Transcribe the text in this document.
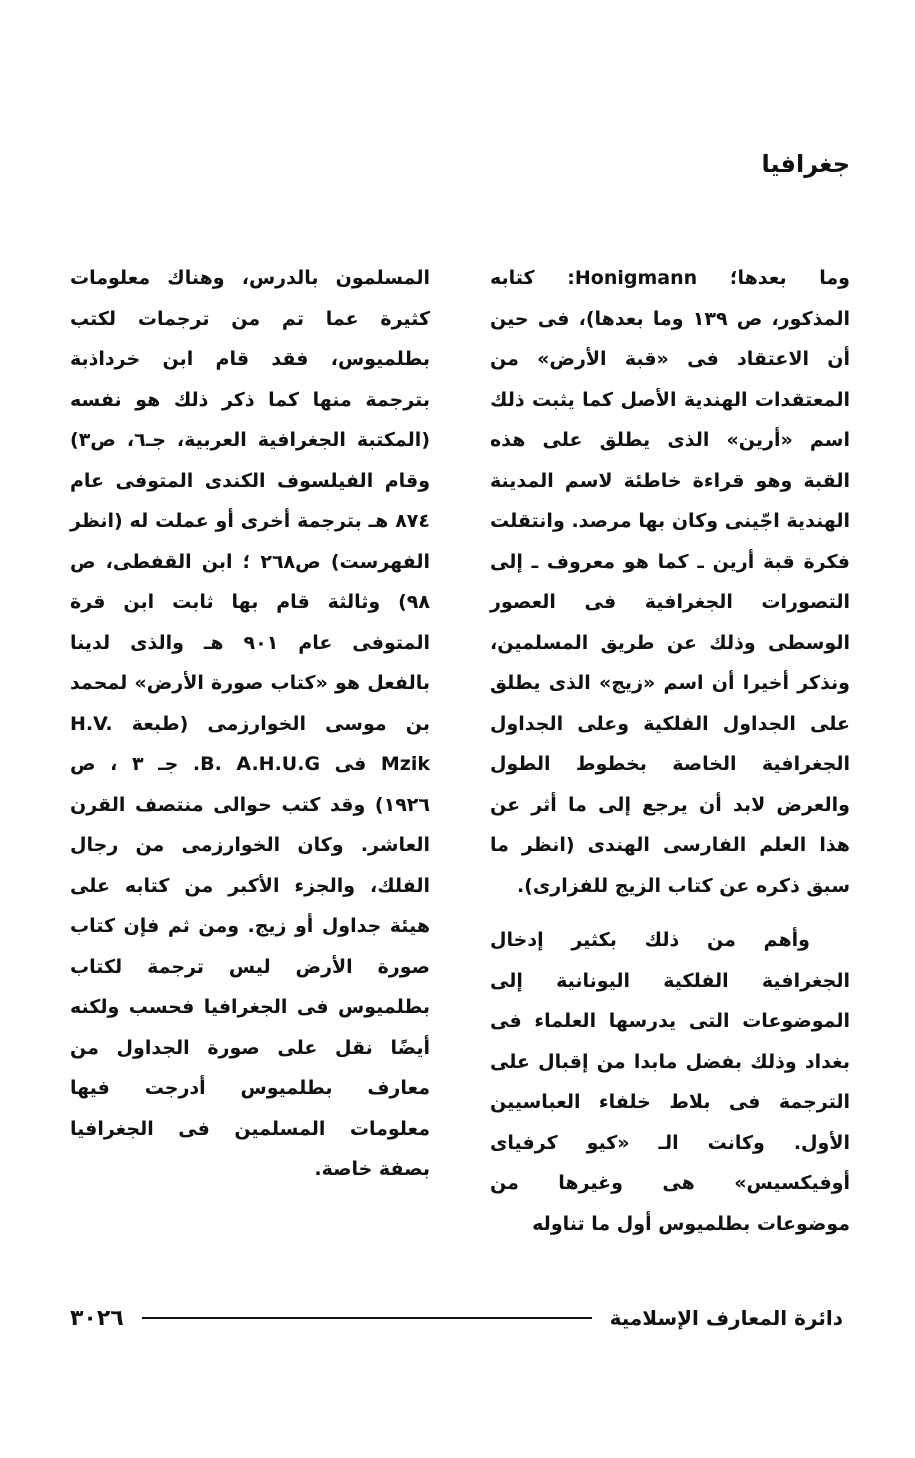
جغرافيا

وما بعدها؛ Honigmann: كتابه المذكور، ص ١٣٩ وما بعدها)، فى حين أن الاعتقاد فى «قبة الأرض» من المعتقدات الهندية الأصل كما يثبت ذلك اسم «أرين» الذى يطلق على هذه القبة وهو قراءة خاطئة لاسم المدينة الهندية اجّينى وكان بها مرصد. وانتقلت فكرة قبة أرين ـ كما هو معروف ـ إلى التصورات الجغرافية فى العصور الوسطى وذلك عن طريق المسلمين، ونذكر أخيرا أن اسم «زيج» الذى يطلق على الجداول الفلكية وعلى الجداول الجغرافية الخاصة بخطوط الطول والعرض لابد أن يرجع إلى ما أثر عن هذا العلم الفارسى الهندى (انظر ما سبق ذكره عن كتاب الزيج للفزارى).

وأهم من ذلك بكثير إدخال الجغرافية الفلكية اليونانية إلى الموضوعات التى يدرسها العلماء فى بغداد وذلك بفضل مابدا من إقبال على الترجمة فى بلاط خلفاء العباسيين الأول. وكانت الـ «كيو كرفياى أوفيكسيس» هى وغيرها من موضوعات بطلميوس أول ما تناوله

المسلمون بالدرس، وهناك معلومات كثيرة عما تم من ترجمات لكتب بطلميوس، فقد قام ابن خرداذبة بترجمة منها كما ذكر ذلك هو نفسه (المكتبة الجغرافية العربية، جـ٦، ص٣) وقام الفيلسوف الكندى المتوفى عام ٨٧٤ هـ بترجمة أخرى أو عملت له (انظر الفهرست) ص٢٦٨ ؛ ابن القفطى، ص ٩٨) وثالثة قام بها ثابت ابن قرة المتوفى عام ٩٠١ هـ والذى لدينا بالفعل هو «كتاب صورة الأرض» لمحمد بن موسى الخوارزمى (طبعة H.V. Mzik فى B. A.H.U.G. جـ ٣ ، ص ١٩٢٦) وقد كتب حوالى منتصف القرن العاشر. وكان الخوارزمى من رجال الفلك، والجزء الأكبر من كتابه على هيئة جداول أو زيج. ومن ثم فإن كتاب صورة الأرض ليس ترجمة لكتاب بطلميوس فى الجغرافيا فحسب ولكنه أيضًا نقل على صورة الجداول من معارف بطلميوس أدرجت فيها معلومات المسلمين فى الجغرافيا بصفة خاصة.

٣٠٢٦	دائرة المعارف الإسلامية
